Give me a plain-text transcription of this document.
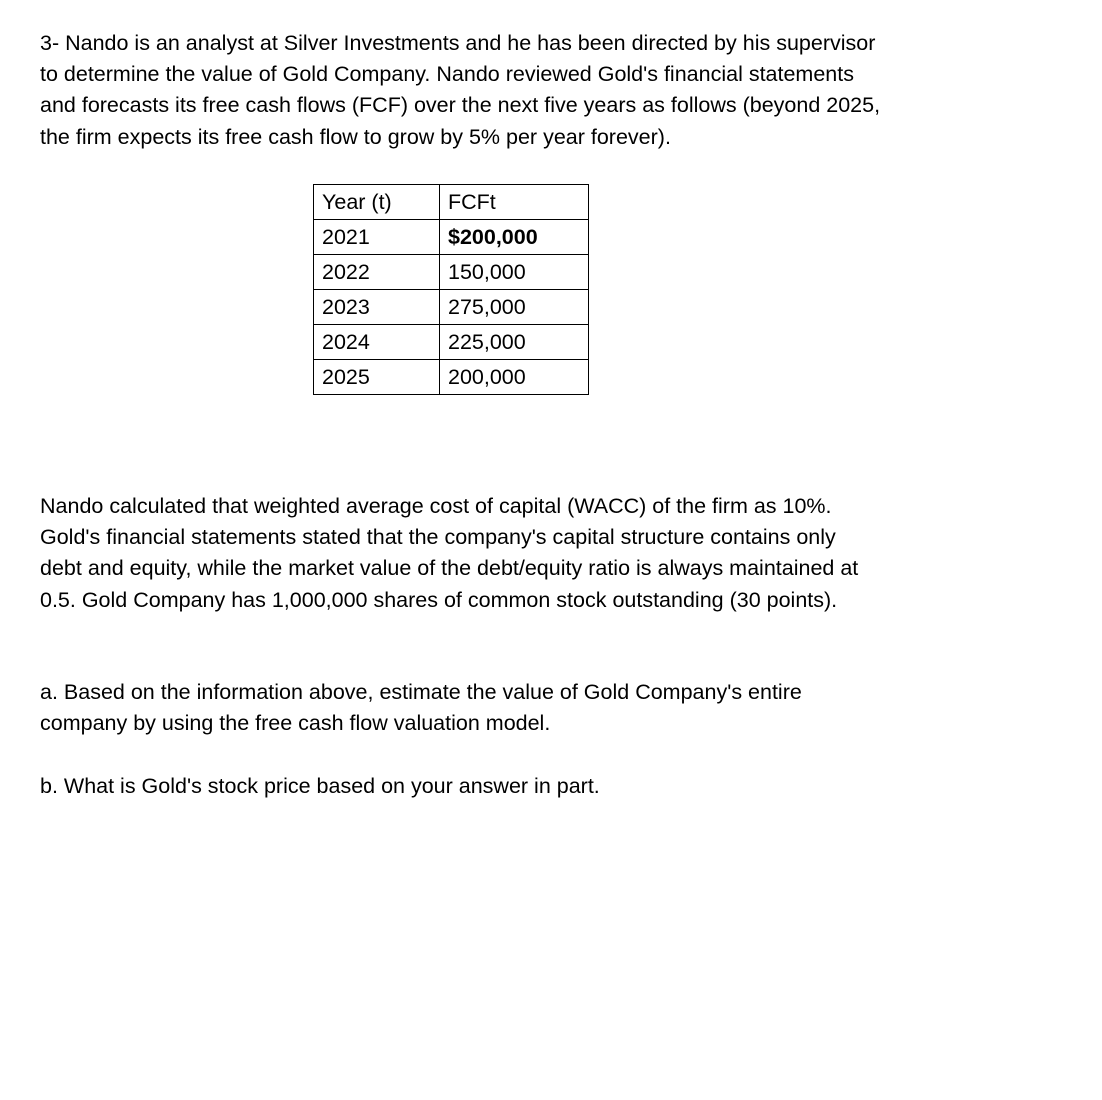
3- Nando is an analyst at Silver Investments and he has been directed by his supervisor
to determine the value of Gold Company. Nando reviewed Gold's financial statements
and forecasts its free cash flows (FCF) over the next five years as follows (beyond 2025,
the firm expects its free cash flow to grow by 5% per year forever).

Year (t)	FCFt
2021	$200,000
2022	150,000
2023	275,000
2024	225,000
2025	200,000

Nando calculated that weighted average cost of capital (WACC) of the firm as 10%.
Gold's financial statements stated that the company's capital structure contains only
debt and equity, while the market value of the debt/equity ratio is always maintained at
0.5. Gold Company has 1,000,000 shares of common stock outstanding (30 points).

a. Based on the information above, estimate the value of Gold Company's entire
company by using the free cash flow valuation model.

b. What is Gold's stock price based on your answer in part.
